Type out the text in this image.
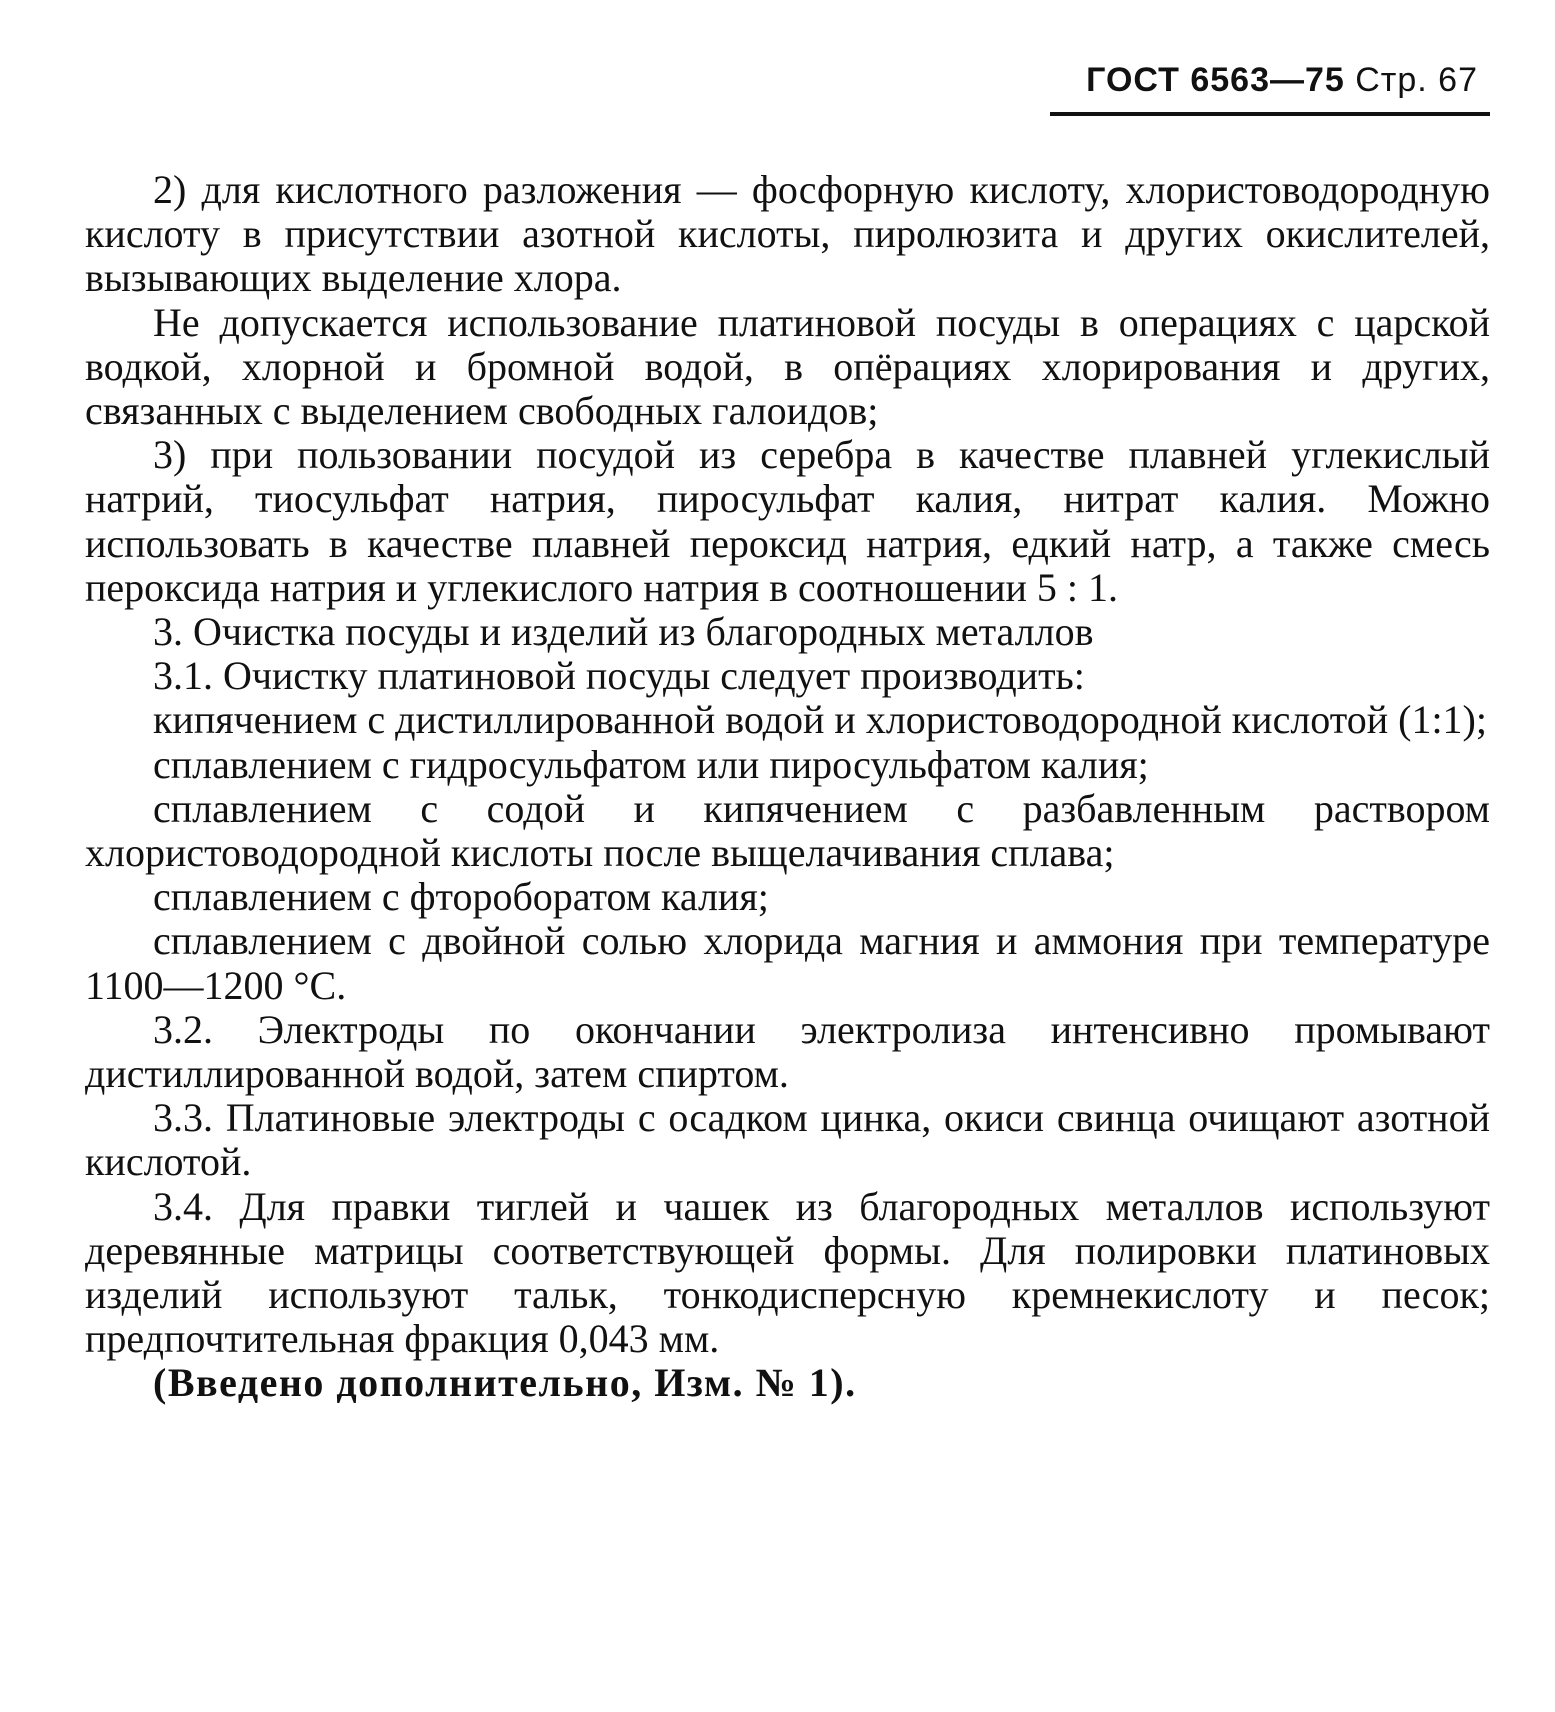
ГОСТ 6563—75 Стр. 67

2) для кислотного разложения — фосфорную кислоту, хлористоводородную кислоту в присутствии азотной кислоты, пиролюзита и других окислителей, вызывающих выделение хлора.

Не допускается использование платиновой посуды в операциях с царской водкой, хлорной и бромной водой, в опёрациях хлорирования и других, связанных с выделением свободных галоидов;

3) при пользовании посудой из серебра в качестве плавней углекислый натрий, тиосульфат натрия, пиросульфат калия, нитрат калия. Можно использовать в качестве плавней пероксид натрия, едкий натр, а также смесь пероксида натрия и углекислого натрия в соотношении 5 : 1.

3. Очистка посуды и изделий из благородных металлов

3.1. Очистку платиновой посуды следует производить:

кипячением с дистиллированной водой и хлористоводородной кислотой (1:1);

сплавлением с гидросульфатом или пиросульфатом калия;

сплавлением с содой и кипячением с разбавленным раствором хлористоводородной кислоты после выщелачивания сплава;

сплавлением с фтороборатом калия;

сплавлением с двойной солью хлорида магния и аммония при температуре 1100—1200 °С.

3.2. Электроды по окончании электролиза интенсивно промывают дистиллированной водой, затем спиртом.

3.3. Платиновые электроды с осадком цинка, окиси свинца очищают азотной кислотой.

3.4. Для правки тиглей и чашек из благородных металлов используют деревянные матрицы соответствующей формы. Для полировки платиновых изделий используют тальк, тонкодисперсную кремнекислоту и песок; предпочтительная фракция 0,043 мм.

(Введено дополнительно, Изм. № 1).
